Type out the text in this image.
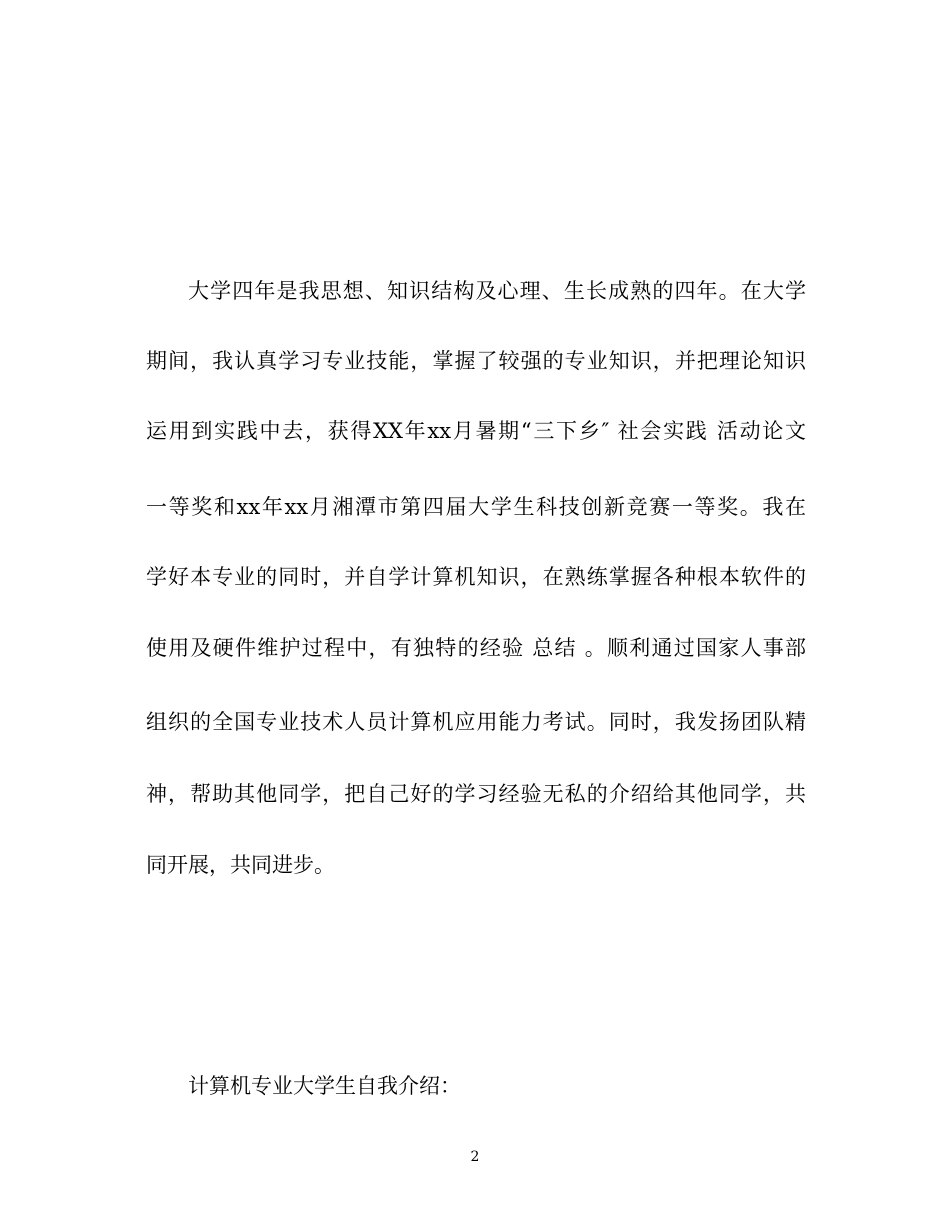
大学四年是我思想、知识结构及心理、生长成熟的四年。在大学
期间，我认真学习专业技能，掌握了较强的专业知识，并把理论知识
运用到实践中去，获得XX年xx月暑期“三下乡″ 社会实践 活动论文
一等奖和xx年xx月湘潭市第四届大学生科技创新竞赛一等奖。我在
学好本专业的同时，并自学计算机知识，在熟练掌握各种根本软件的
使用及硬件维护过程中，有独特的经验 总结 。顺利通过国家人事部
组织的全国专业技术人员计算机应用能力考试。同时，我发扬团队精
神，帮助其他同学，把自己好的学习经验无私的介绍给其他同学，共
同开展，共同进步。
计算机专业大学生自我介绍：
2
